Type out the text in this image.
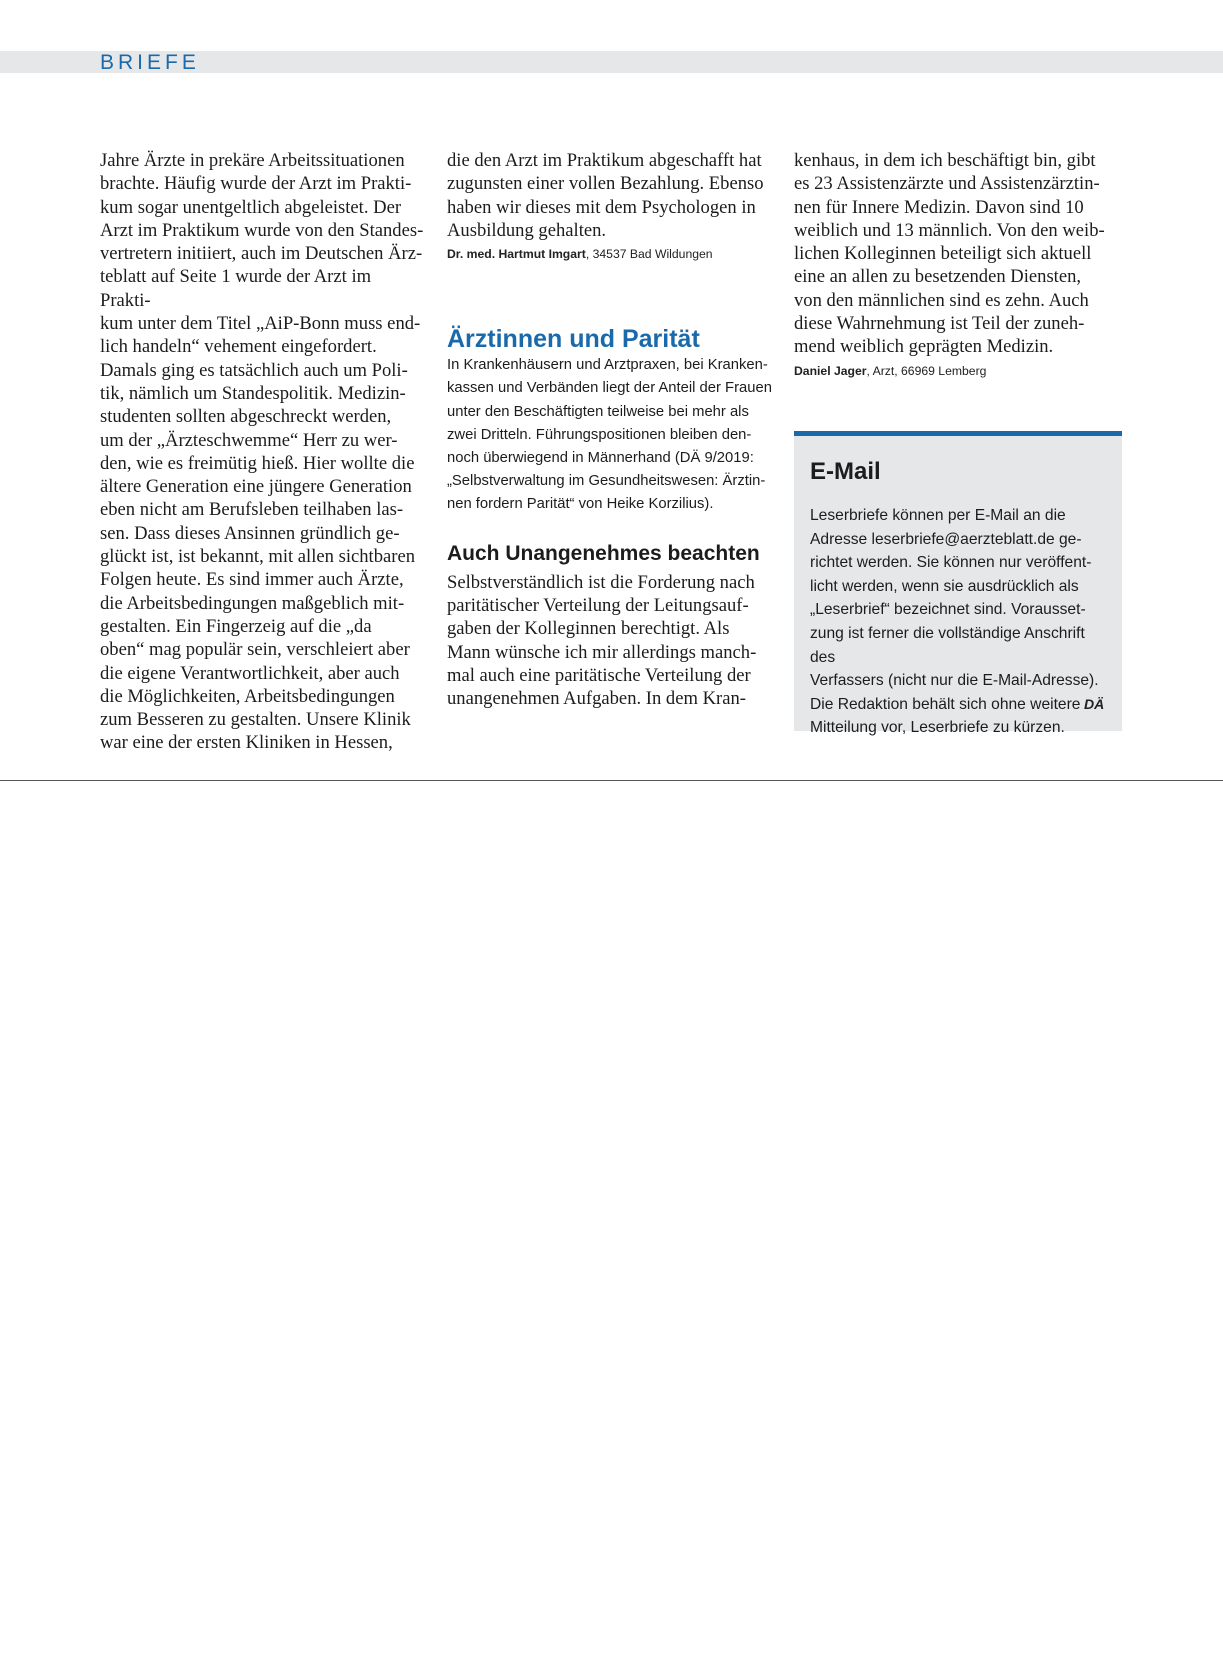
BRIEFE

Jahre Ärzte in prekäre Arbeitssituationen
brachte. Häufig wurde der Arzt im Prakti-
kum sogar unentgeltlich abgeleistet. Der
Arzt im Praktikum wurde von den Standes-
vertretern initiiert, auch im Deutschen Ärz-
teblatt auf Seite 1 wurde der Arzt im Prakti-
kum unter dem Titel „AiP-Bonn muss end-
lich handeln“ vehement eingefordert.
Damals ging es tatsächlich auch um Poli-
tik, nämlich um Standespolitik. Medizin-
studenten sollten abgeschreckt werden,
um der „Ärzteschwemme“ Herr zu wer-
den, wie es freimütig hieß. Hier wollte die
ältere Generation eine jüngere Generation
eben nicht am Berufsleben teilhaben las-
sen. Dass dieses Ansinnen gründlich ge-
glückt ist, ist bekannt, mit allen sichtbaren
Folgen heute. Es sind immer auch Ärzte,
die Arbeitsbedingungen maßgeblich mit-
gestalten. Ein Fingerzeig auf die „da
oben“ mag populär sein, verschleiert aber
die eigene Verantwortlichkeit, aber auch
die Möglichkeiten, Arbeitsbedingungen
zum Besseren zu gestalten. Unsere Klinik
war eine der ersten Kliniken in Hessen,

die den Arzt im Praktikum abgeschafft hat
zugunsten einer vollen Bezahlung. Ebenso
haben wir dieses mit dem Psychologen in
Ausbildung gehalten.

Dr. med. Hartmut Imgart, 34537 Bad Wildungen

Ärztinnen und Parität

In Krankenhäusern und Arztpraxen, bei Kranken-
kassen und Verbänden liegt der Anteil der Frauen
unter den Beschäftigten teilweise bei mehr als
zwei Dritteln. Führungspositionen bleiben den-
noch überwiegend in Männerhand (DÄ 9/2019:
„Selbstverwaltung im Gesundheitswesen: Ärztin-
nen fordern Parität“ von Heike Korzilius).

Auch Unangenehmes beachten

Selbstverständlich ist die Forderung nach
paritätischer Verteilung der Leitungsauf-
gaben der Kolleginnen berechtigt. Als
Mann wünsche ich mir allerdings manch-
mal auch eine paritätische Verteilung der
unangenehmen Aufgaben. In dem Kran-

kenhaus, in dem ich beschäftigt bin, gibt
es 23 Assistenzärzte und Assistenzärztin-
nen für Innere Medizin. Davon sind 10
weiblich und 13 männlich. Von den weib-
lichen Kolleginnen beteiligt sich aktuell
eine an allen zu besetzenden Diensten,
von den männlichen sind es zehn. Auch
diese Wahrnehmung ist Teil der zuneh-
mend weiblich geprägten Medizin.

Daniel Jager, Arzt, 66969 Lemberg

E-Mail
Leserbriefe können per E-Mail an die
Adresse leserbriefe@aerzteblatt.de ge-
richtet werden. Sie können nur veröffent-
licht werden, wenn sie ausdrücklich als
„Leserbrief“ bezeichnet sind. Vorausset-
zung ist ferner die vollständige Anschrift des
Verfassers (nicht nur die E-Mail-Adresse).
Die Redaktion behält sich ohne weitere
Mitteilung vor, Leserbriefe zu kürzen.
DÄ
